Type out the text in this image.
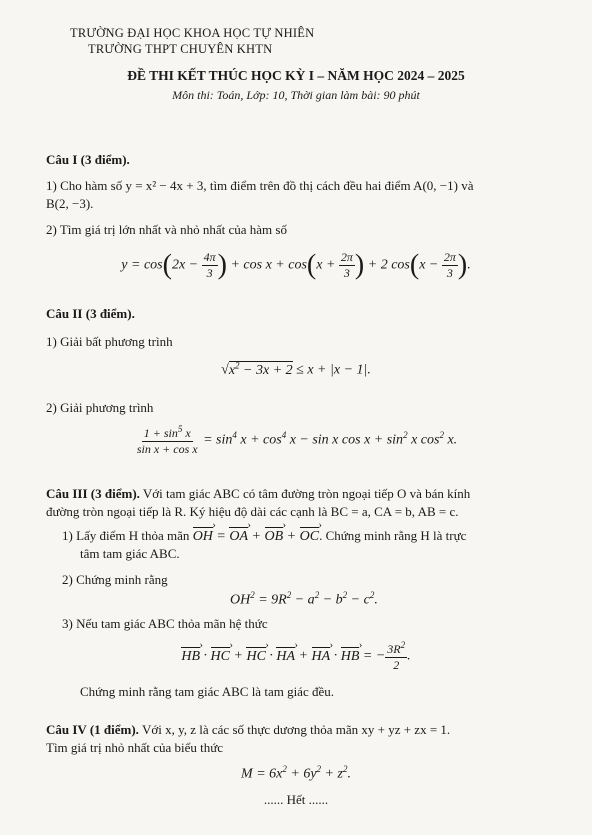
TRƯỜNG ĐẠI HỌC KHOA HỌC TỰ NHIÊN
TRƯỜNG THPT CHUYÊN KHTN
ĐỀ THI KẾT THÚC HỌC KỲ I – NĂM HỌC 2024 – 2025
Môn thi: Toán, Lớp: 10, Thời gian làm bài: 90 phút
Câu I (3 điểm).
1) Cho hàm số y = x² − 4x + 3, tìm điểm trên đồ thị cách đều hai điểm A(0, −1) và
B(2, −3).
2) Tìm giá trị lớn nhất và nhỏ nhất của hàm số
$y = \cos(2x - \frac{4\pi}{3}$ ) + $\cos x + \cos(x + \frac{2\pi}{3}$ ) + 2 $\cos(x - \frac{2\pi}{3}$ ).
Câu II (3 điểm).
1) Giải bất phương trình
$√x^2 - 3x + 2 \le x + |x - 1|$.
2) Giải phương trình
$\frac{1 + \sin^5 x}{\text{sin x + cos x}} = \sin^4 x + \cos^4 x - \sin x$ $\cos x + \sin^2 x$ $\cos^2 x$.
Câu III (3 điểm). Với tam giác ABC có tâm đường tròn ngoại tiếp O và bán kính
đường tròn ngoại tiếp là R. Ký hiệu độ dài các cạnh là BC = a, CA = b, AB = c.
1) Lấy điểm H thỏa mãn OH › = OA › + OB › + OC ›. Chứng minh rằng H là trực
tâm tam giác ABC.
2) Chứng minh rằng
$OH^2 = 9R^2 - a^2 - b^2 - c^2$.
3) Nếu tam giác ABC thỏa mãn hệ thức
HB › · HC › + HC › · HA › + HA › · HB › = − $\frac{3R^2}{2}$ .
Chứng minh rằng tam giác ABC là tam giác đều.
Câu IV (1 điểm). Với x, y, z là các số thực dương thỏa mãn xy + yz + zx = 1.
Tìm giá trị nhỏ nhất của biểu thức
$M = 6x^2 + 6y^2 + z^2$.
...... Hết ......
